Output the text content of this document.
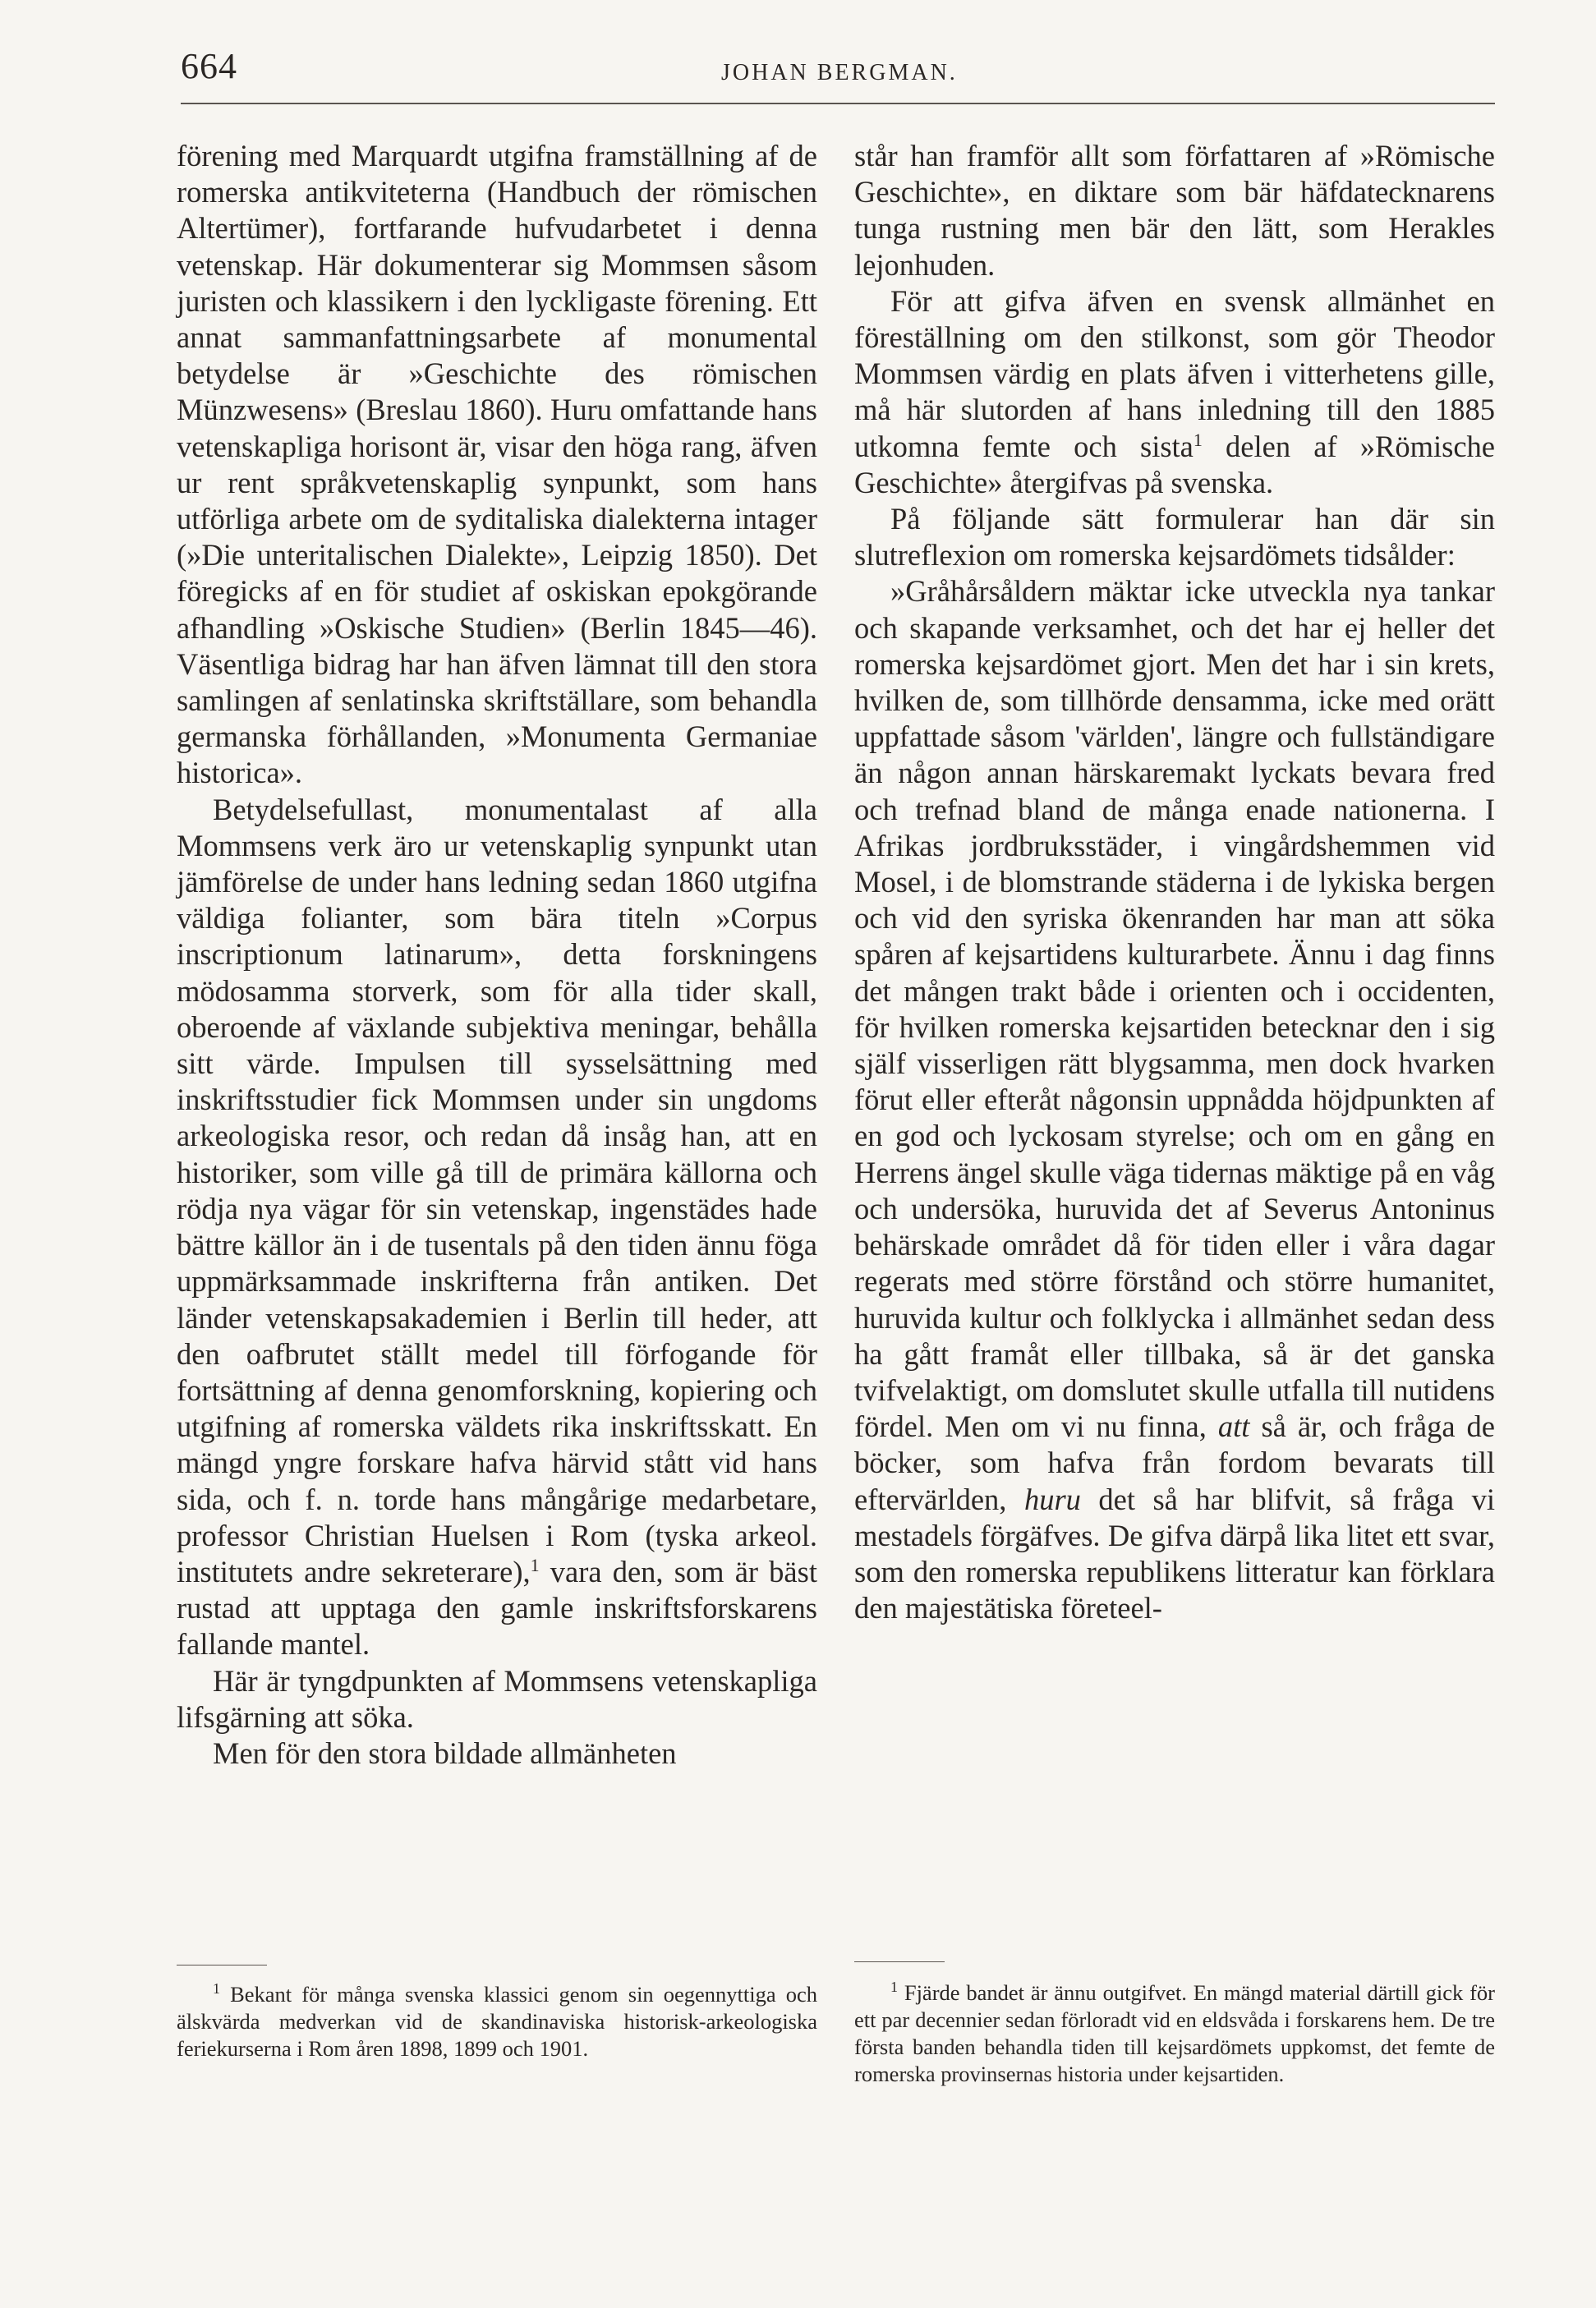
664	JOHAN BERGMAN.

förening med Marquardt utgifna framställning af de romerska antikviteterna (Handbuch der römischen Altertümer), fortfarande hufvudarbetet i denna vetenskap. Här dokumenterar sig Mommsen såsom juristen och klassikern i den lyckligaste förening. Ett annat sammanfattningsarbete af monumental betydelse är »Geschichte des römischen Münzwesens» (Breslau 1860). Huru omfattande hans vetenskapliga horisont är, visar den höga rang, äfven ur rent språkvetenskaplig synpunkt, som hans utförliga arbete om de syditaliska dialekterna intager (»Die unteritalischen Dialekte», Leipzig 1850). Det föregicks af en för studiet af oskiskan epokgörande afhandling »Oskische Studien» (Berlin 1845—46). Väsentliga bidrag har han äfven lämnat till den stora samlingen af senlatinska skriftställare, som behandla germanska förhållanden, »Monumenta Germaniae historica».

Betydelsefullast, monumentalast af alla Mommsens verk äro ur vetenskaplig synpunkt utan jämförelse de under hans ledning sedan 1860 utgifna väldiga folianter, som bära titeln »Corpus inscriptionum latinarum», detta forskningens mödosamma storverk, som för alla tider skall, oberoende af växlande subjektiva meningar, behålla sitt värde. Impulsen till sysselsättning med inskriftsstudier fick Mommsen under sin ungdoms arkeologiska resor, och redan då insåg han, att en historiker, som ville gå till de primära källorna och rödja nya vägar för sin vetenskap, ingenstädes hade bättre källor än i de tusentals på den tiden ännu föga uppmärksammade inskrifterna från antiken. Det länder vetenskapsakademien i Berlin till heder, att den oafbrutet ställt medel till förfogande för fortsättning af denna genomforskning, kopiering och utgifning af romerska väldets rika inskriftsskatt. En mängd yngre forskare hafva härvid stått vid hans sida, och f. n. torde hans mångårige medarbetare, professor Christian Huelsen i Rom (tyska arkeol. institutets andre sekreterare),$^1$ vara den, som är bäst rustad att upptaga den gamle inskriftsforskarens fallande mantel.

Här är tyngdpunkten af Mommsens vetenskapliga lifsgärning att söka.

Men för den stora bildade allmänheten

står han framför allt som författaren af »Römische Geschichte», en diktare som bär häfdatecknarens tunga rustning men bär den lätt, som Herakles lejonhuden.

För att gifva äfven en svensk allmänhet en föreställning om den stilkonst, som gör Theodor Mommsen värdig en plats äfven i vitterhetens gille, må här slutorden af hans inledning till den 1885 utkomna femte och sista$^1$ delen af »Römische Geschichte» återgifvas på svenska.

På följande sätt formulerar han där sin slutreflexion om romerska kejsardömets tidsålder:

»Gråhårsåldern mäktar icke utveckla nya tankar och skapande verksamhet, och det har ej heller det romerska kejsardömet gjort. Men det har i sin krets, hvilken de, som tillhörde densamma, icke med orätt uppfattade såsom 'världen', längre och fullständigare än någon annan härskaremakt lyckats bevara fred och trefnad bland de många enade nationerna. I Afrikas jordbruksstäder, i vingårdshemmen vid Mosel, i de blomstrande städerna i de lykiska bergen och vid den syriska ökenranden har man att söka spåren af kejsartidens kulturarbete. Ännu i dag finns det mången trakt både i orienten och i occidenten, för hvilken romerska kejsartiden betecknar den i sig själf visserligen rätt blygsamma, men dock hvarken förut eller efteråt någonsin uppnådda höjdpunkten af en god och lyckosam styrelse; och om en gång en Herrens ängel skulle väga tidernas mäktige på en våg och undersöka, huruvida det af Severus Antoninus behärskade området då för tiden eller i våra dagar regerats med större förstånd och större humanitet, huruvida kultur och folklycka i allmänhet sedan dess ha gått framåt eller tillbaka, så är det ganska tvifvelaktigt, om domslutet skulle utfalla till nutidens fördel. Men om vi nu finna, att så är, och fråga de böcker, som hafva från fordom bevarats till eftervärlden, huru det så har blifvit, så fråga vi mestadels förgäfves. De gifva därpå lika litet ett svar, som den romerska republikens litteratur kan förklara den majestätiska företeel-

$^1$ Bekant för många svenska klassici genom sin oegennyttiga och älskvärda medverkan vid de skandinaviska historisk-arkeologiska feriekurserna i Rom åren 1898, 1899 och 1901.
$^1$ Fjärde bandet är ännu outgifvet. En mängd material därtill gick för ett par decennier sedan förloradt vid en eldsvåda i forskarens hem. De tre första banden behandla tiden till kejsardömets uppkomst, det femte de romerska provinsernas historia under kejsartiden.
